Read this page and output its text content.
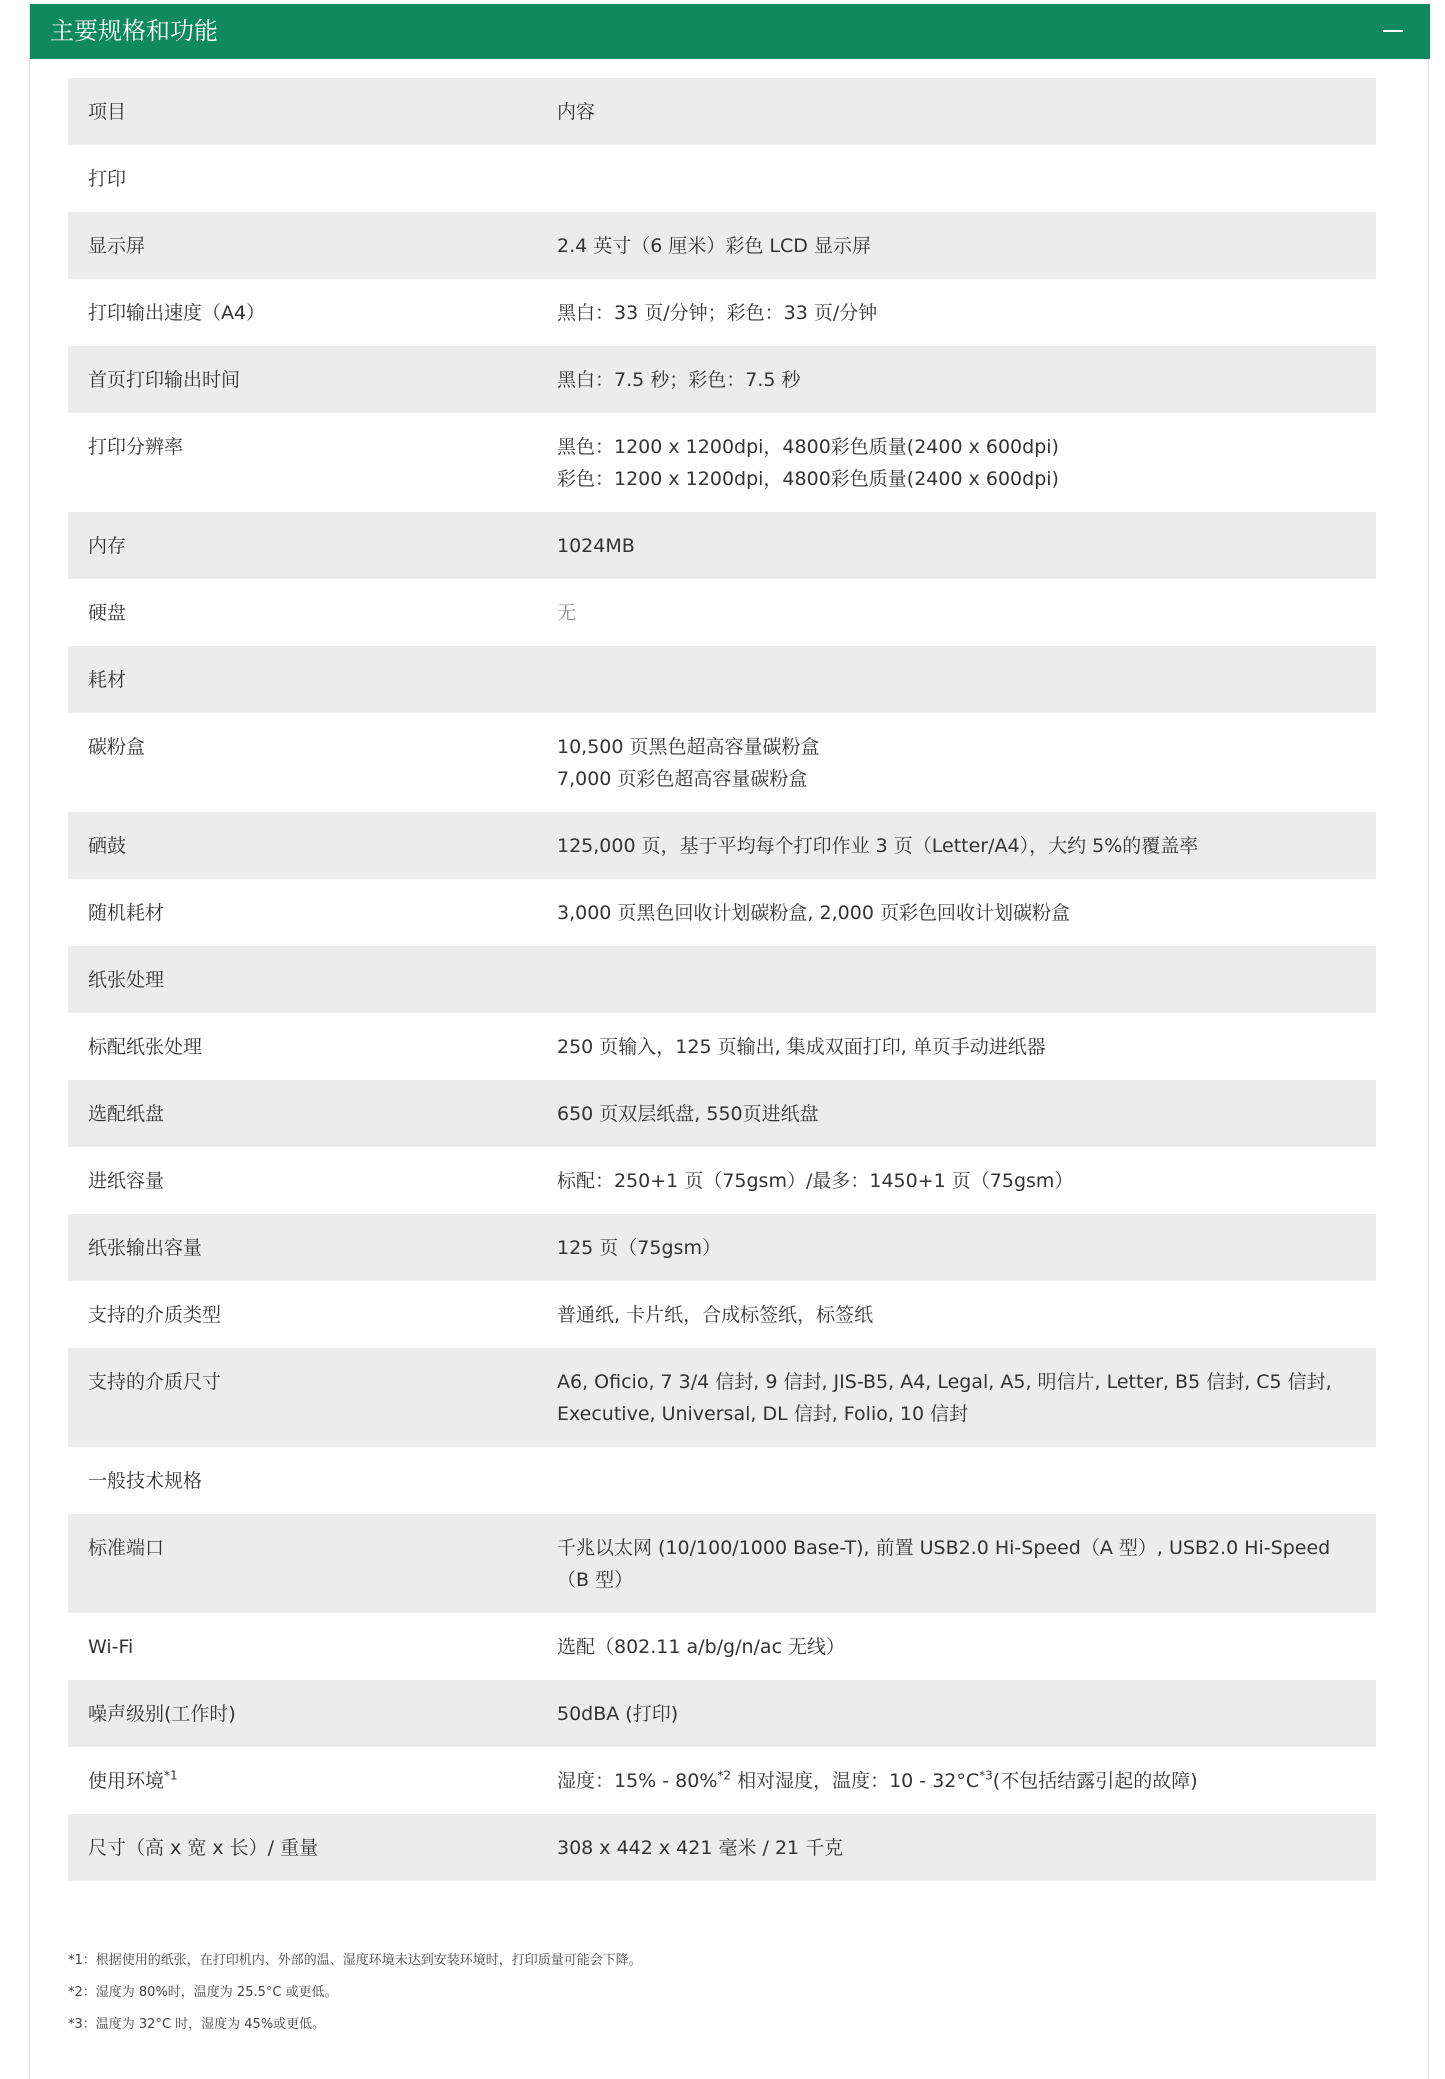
主要规格和功能
项目	内容
打印
显示屏	2.4 英寸（6 厘米）彩色 LCD 显示屏
打印输出速度（A4）	黑白：33 页/分钟；彩色：33 页/分钟
首页打印输出时间	黑白：7.5 秒；彩色：7.5 秒
打印分辨率	黑色：1200 x 1200dpi，4800彩色质量(2400 x 600dpi)
彩色：1200 x 1200dpi，4800彩色质量(2400 x 600dpi)
内存	1024MB
硬盘	无
耗材
碳粉盒	10,500 页黑色超高容量碳粉盒
7,000 页彩色超高容量碳粉盒
硒鼓	125,000 页，基于平均每个打印作业 3 页（Letter/A4），大约 5%的覆盖率
随机耗材	3,000 页黑色回收计划碳粉盒, 2,000 页彩色回收计划碳粉盒
纸张处理
标配纸张处理	250 页输入，125 页输出, 集成双面打印, 单页手动进纸器
选配纸盘	650 页双层纸盘, 550页进纸盘
进纸容量	标配：250+1 页（75gsm）/最多：1450+1 页（75gsm）
纸张输出容量	125 页（75gsm）
支持的介质类型	普通纸, 卡片纸，合成标签纸，标签纸
支持的介质尺寸	A6, Oficio, 7 3/4 信封, 9 信封, JIS-B5, A4, Legal, A5, 明信片, Letter, B5 信封, C5 信封, Executive, Universal, DL 信封, Folio, 10 信封
一般技术规格
标准端口	千兆以太网 (10/100/1000 Base-T), 前置 USB2.0 Hi-Speed（A 型）, USB2.0 Hi-Speed（B 型）
Wi-Fi	选配（802.11 a/b/g/n/ac 无线）
噪声级别(工作时)	50dBA (打印)
使用环境$^{*1}$	湿度：15% - 80%$^{*2}$ 相对湿度，温度：$10 - 32^\circ C^{*3}$(不包括结露引起的故障)
尺寸（高 x 宽 x 长）/ 重量	308 x 442 x 421 毫米 / 21 千克
*1：根据使用的纸张，在打印机内、外部的温、湿度环境未达到安装环境时，打印质量可能会下降。
*2：湿度为 80%时，温度为 25.5°C 或更低。
*3：温度为 32°C 时，湿度为 45%或更低。
